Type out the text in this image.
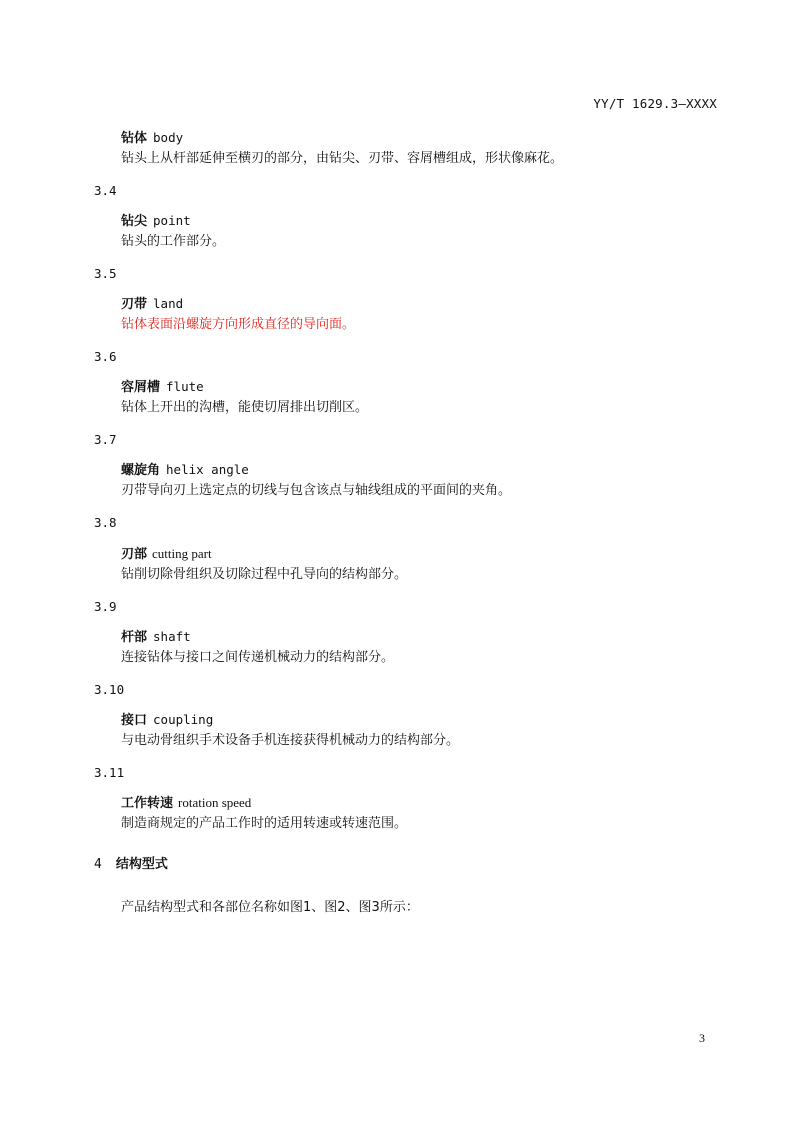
YY/T 1629.3—XXXX
钻体 body
钻头上从杆部延伸至横刃的部分，由钻尖、刃带、容屑槽组成，形状像麻花。
3.4
钻尖 point
钻头的工作部分。
3.5
刃带 land
钻体表面沿螺旋方向形成直径的导向面。
3.6
容屑槽 flute
钻体上开出的沟槽，能使切屑排出切削区。
3.7
螺旋角 helix angle
刃带导向刃上选定点的切线与包含该点与轴线组成的平面间的夹角。
3.8
刃部 cutting part
钻削切除骨组织及切除过程中孔导向的结构部分。
3.9
杆部 shaft
连接钻体与接口之间传递机械动力的结构部分。
3.10
接口 coupling
与电动骨组织手术设备手机连接获得机械动力的结构部分。
3.11
工作转速 rotation speed
制造商规定的产品工作时的适用转速或转速范围。
4 结构型式
产品结构型式和各部位名称如图1、图2、图3所示：
3
